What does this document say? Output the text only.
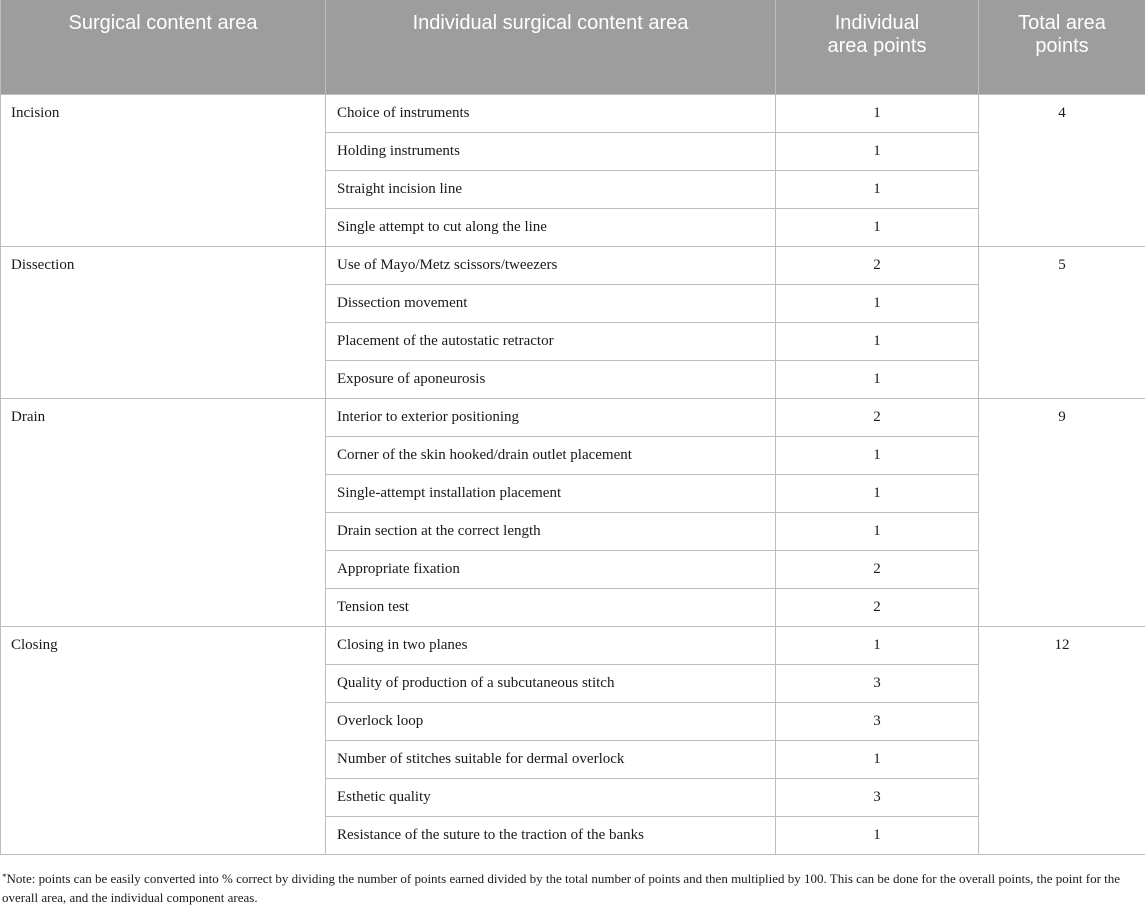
Surgical content area	Individual surgical content area	Individual area points	Total area points

Incision	Choice of instruments	1	4
	Holding instruments	1	
	Straight incision line	1	
	Single attempt to cut along the line	1	
Dissection	Use of Mayo/Metz scissors/tweezers	2	5
	Dissection movement	1	
	Placement of the autostatic retractor	1	
	Exposure of aponeurosis	1	
Drain	Interior to exterior positioning	2	9
	Corner of the skin hooked/drain outlet placement	1	
	Single-attempt installation placement	1	
	Drain section at the correct length	1	
	Appropriate fixation	2	
	Tension test	2	
Closing	Closing in two planes	1	12
	Quality of production of a subcutaneous stitch	3	
	Overlock loop	3	
	Number of stitches suitable for dermal overlock	1	
	Esthetic quality	3	
	Resistance of the suture to the traction of the banks	1	
*Note: points can be easily converted into % correct by dividing the number of points earned divided by the total number of points and then multiplied by 100. This can be done for the overall points, the point for the overall area, and the individual component areas.
